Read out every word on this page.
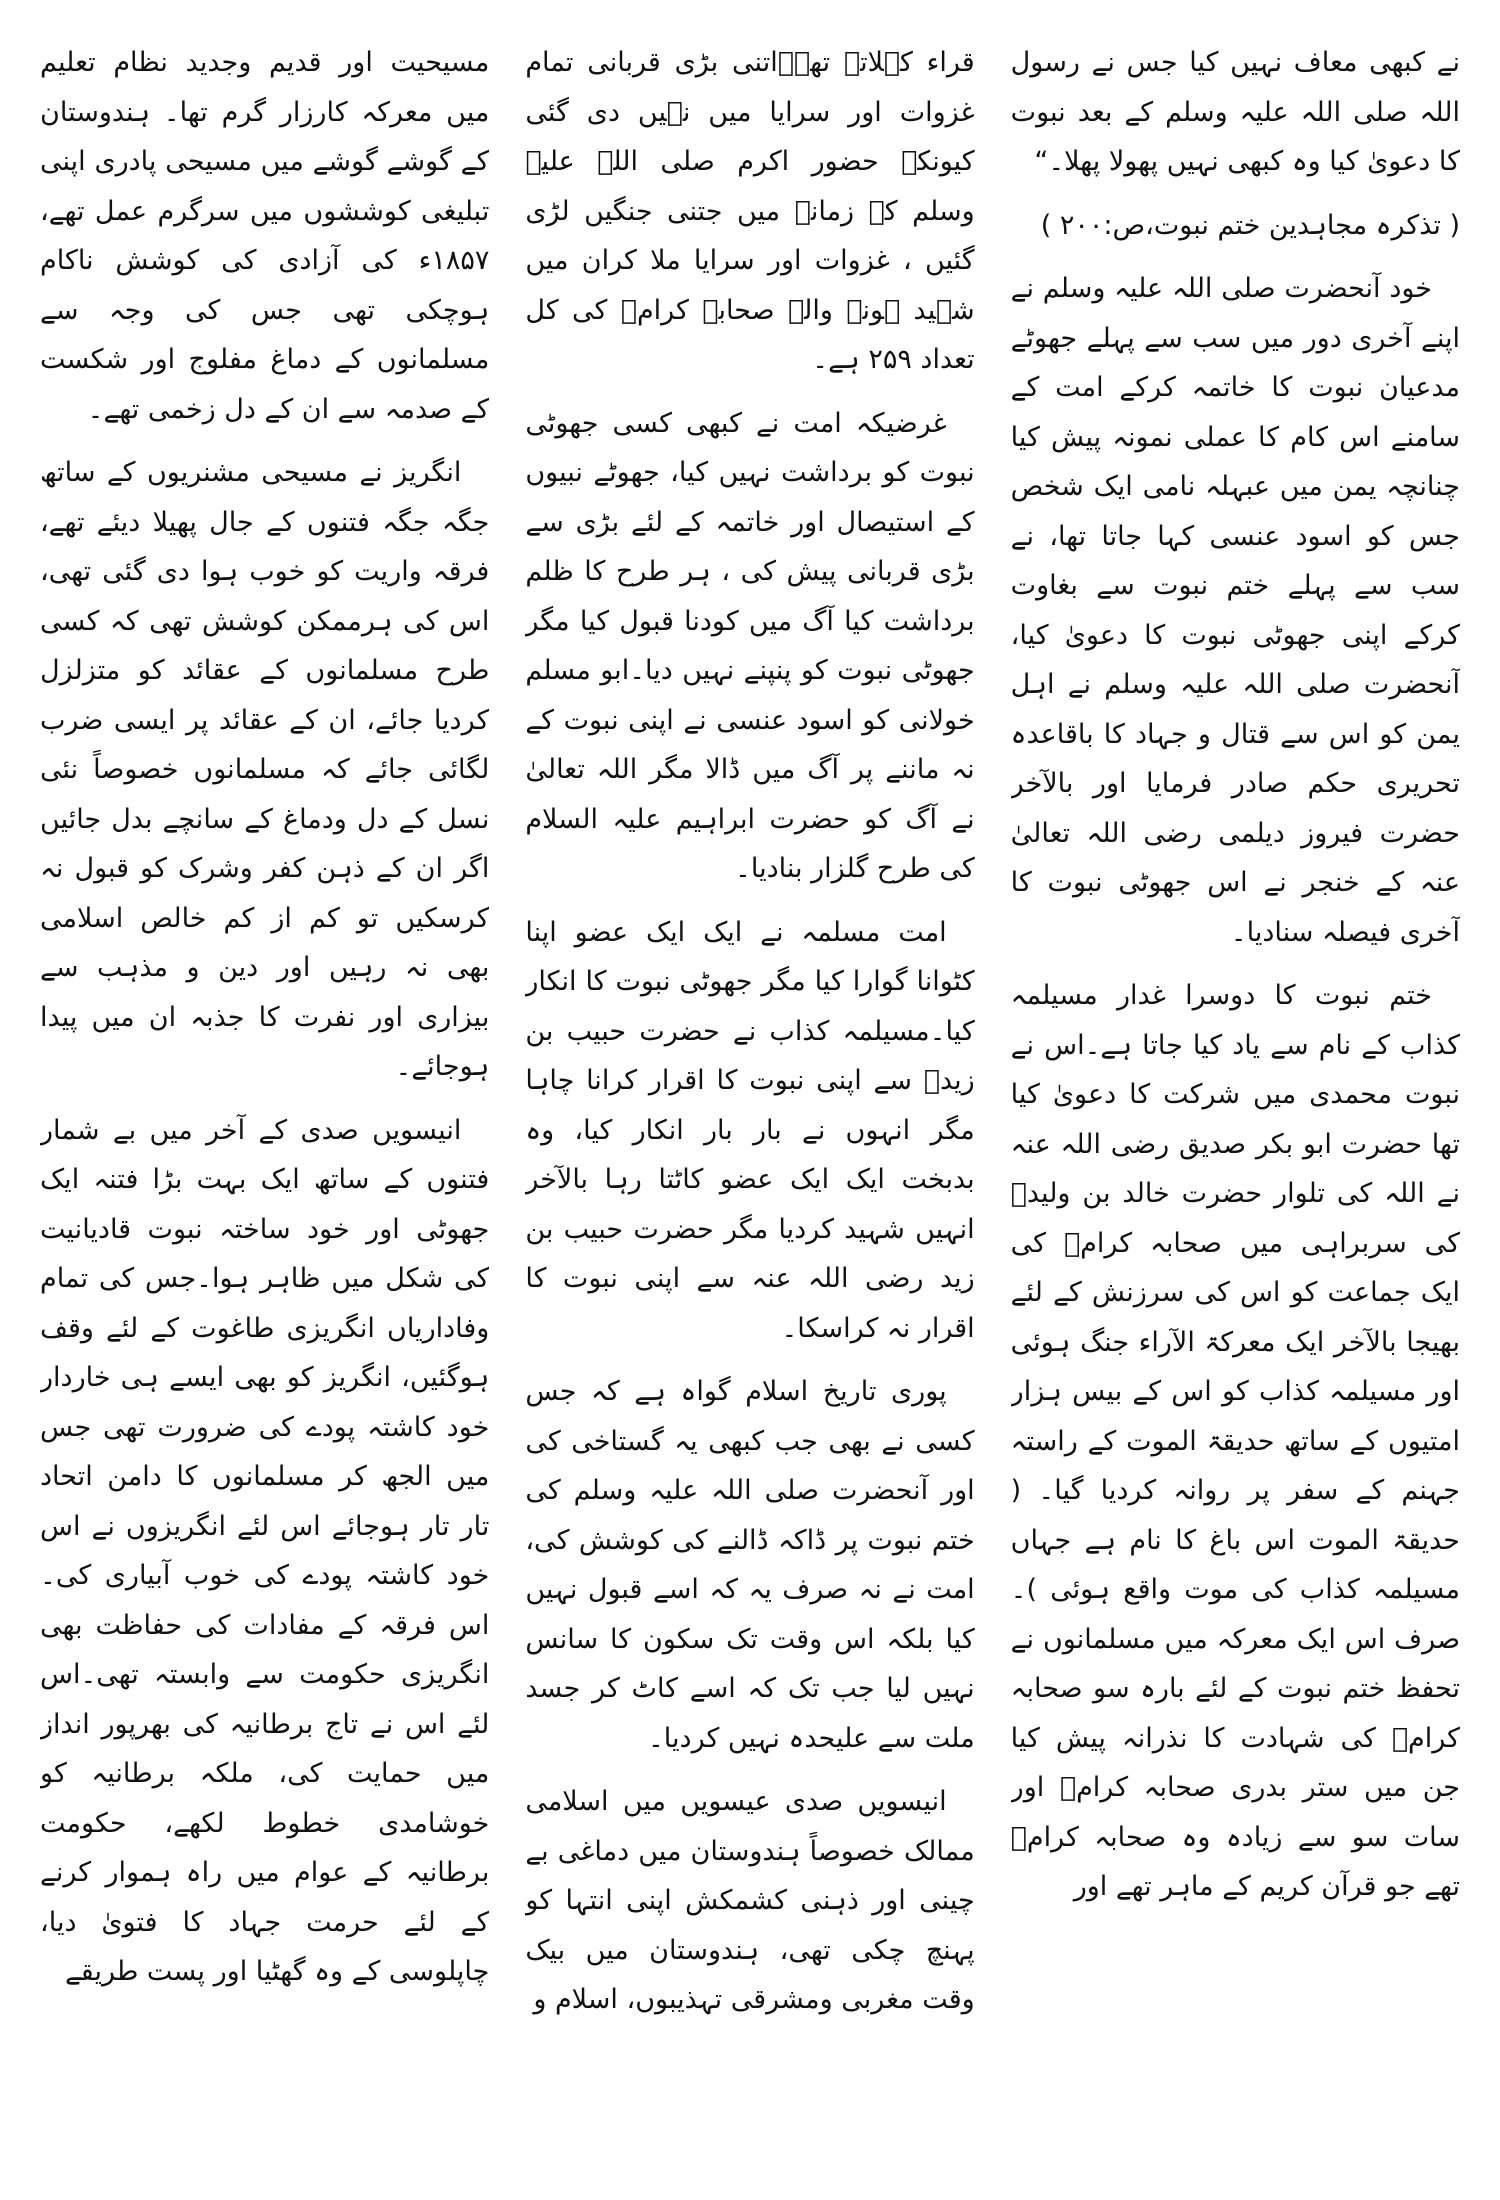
نے کبھی معاف نہیں کیا جس نے رسول اللہ صلی اللہ علیہ وسلم کے بعد نبوت کا دعویٰ کیا وہ کبھی نہیں پھولا پھلا۔“

( تذکرہ مجاہدین ختم نبوت،ص:۲۰۰ )

خود آنحضرت صلی اللہ علیہ وسلم نے اپنے آخری دور میں سب سے پہلے جھوٹے مدعیان نبوت کا خاتمہ کرکے امت کے سامنے اس کام کا عملی نمونہ پیش کیا چنانچہ یمن میں عبہلہ نامی ایک شخص جس کو اسود عنسی کہا جاتا تھا، نے سب سے پہلے ختم نبوت سے بغاوت کرکے اپنی جھوٹی نبوت کا دعویٰ کیا، آنحضرت صلی اللہ علیہ وسلم نے اہل یمن کو اس سے قتال و جہاد کا باقاعدہ تحریری حکم صادر فرمایا اور بالآخر حضرت فیروز دیلمی رضی اللہ تعالیٰ عنہ کے خنجر نے اس جھوٹی نبوت کا آخری فیصلہ سنادیا۔

ختم نبوت کا دوسرا غدار مسیلمہ کذاب کے نام سے یاد کیا جاتا ہے۔اس نے نبوت محمدی میں شرکت کا دعویٰ کیا تھا حضرت ابو بکر صدیق رضی اللہ عنہ نے اللہ کی تلوار حضرت خالد بن ولیدؓ کی سربراہی میں صحابہ کرامؓ کی ایک جماعت کو اس کی سرزنش کے لئے بھیجا بالآخر ایک معرکۃ الآراء جنگ ہوئی اور مسیلمہ کذاب کو اس کے بیس ہزار امتیوں کے ساتھ حدیقۃ الموت کے راستہ جہنم کے سفر پر روانہ کردیا گیا۔ ( حدیقۃ الموت اس باغ کا نام ہے جہاں مسیلمہ کذاب کی موت واقع ہوئی )۔ صرف اس ایک معرکہ میں مسلمانوں نے تحفظ ختم نبوت کے لئے بارہ سو صحابہ کرامؓ کی شہادت کا نذرانہ پیش کیا جن میں ستر بدری صحابہ کرامؓ اور سات سو سے زیادہ وہ صحابہ کرامؓ تھے جو قرآن کریم کے ماہر تھے اور

قراء کہلاتے تھے۔اتنی بڑی قربانی تمام غزوات اور سرایا میں نہیں دی گئی کیونکہ حضور اکرم صلی اللہ علیہ وسلم کے زمانہ میں جتنی جنگیں لڑی گئیں ، غزوات اور سرایا ملا کران میں شہید ہونے والے صحابہ کرامؓ کی کل تعداد ۲۵۹ ہے۔

غرضیکہ امت نے کبھی کسی جھوٹی نبوت کو برداشت نہیں کیا، جھوٹے نبیوں کے استیصال اور خاتمہ کے لئے بڑی سے بڑی قربانی پیش کی ، ہر طرح کا ظلم برداشت کیا آگ میں کودنا قبول کیا مگر جھوٹی نبوت کو پنپنے نہیں دیا۔ابو مسلم خولانی کو اسود عنسی نے اپنی نبوت کے نہ ماننے پر آگ میں ڈالا مگر اللہ تعالیٰ نے آگ کو حضرت ابراہیم علیہ السلام کی طرح گلزار بنادیا۔

امت مسلمہ نے ایک ایک عضو اپنا کٹوانا گوارا کیا مگر جھوٹی نبوت کا انکار کیا۔مسیلمہ کذاب نے حضرت حبیب بن زیدؓ سے اپنی نبوت کا اقرار کرانا چاہا مگر انہوں نے بار بار انکار کیا، وہ بدبخت ایک ایک عضو کاٹتا رہا بالآخر انہیں شہید کردیا مگر حضرت حبیب بن زید رضی اللہ عنہ سے اپنی نبوت کا اقرار نہ کراسکا۔

پوری تاریخ اسلام گواہ ہے کہ جس کسی نے بھی جب کبھی یہ گستاخی کی اور آنحضرت صلی اللہ علیہ وسلم کی ختم نبوت پر ڈاکہ ڈالنے کی کوشش کی، امت نے نہ صرف یہ کہ اسے قبول نہیں کیا بلکہ اس وقت تک سکون کا سانس نہیں لیا جب تک کہ اسے کاٹ کر جسد ملت سے علیحدہ نہیں کردیا۔

انیسویں صدی عیسویں میں اسلامی ممالک خصوصاً ہندوستان میں دماغی بے چینی اور ذہنی کشمکش اپنی انتہا کو پہنچ چکی تھی، ہندوستان میں بیک وقت مغربی ومشرقی تہذیبوں، اسلام و

مسیحیت اور قدیم وجدید نظام تعلیم میں معرکہ کارزار گرم تھا۔ ہندوستان کے گوشے گوشے میں مسیحی پادری اپنی تبلیغی کوششوں میں سرگرم عمل تھے، ۱۸۵۷ء کی آزادی کی کوشش ناکام ہوچکی تھی جس کی وجہ سے مسلمانوں کے دماغ مفلوج اور شکست کے صدمہ سے ان کے دل زخمی تھے۔

انگریز نے مسیحی مشنریوں کے ساتھ جگہ جگہ فتنوں کے جال پھیلا دیئے تھے، فرقہ واریت کو خوب ہوا دی گئی تھی، اس کی ہرممکن کوشش تھی کہ کسی طرح مسلمانوں کے عقائد کو متزلزل کردیا جائے، ان کے عقائد پر ایسی ضرب لگائی جائے کہ مسلمانوں خصوصاً نئی نسل کے دل ودماغ کے سانچے بدل جائیں اگر ان کے ذہن کفر وشرک کو قبول نہ کرسکیں تو کم از کم خالص اسلامی بھی نہ رہیں اور دین و مذہب سے بیزاری اور نفرت کا جذبہ ان میں پیدا ہوجائے۔

انیسویں صدی کے آخر میں بے شمار فتنوں کے ساتھ ایک بہت بڑا فتنہ ایک جھوٹی اور خود ساختہ نبوت قادیانیت کی شکل میں ظاہر ہوا۔جس کی تمام وفاداریاں انگریزی طاغوت کے لئے وقف ہوگئیں، انگریز کو بھی ایسے ہی خاردار خود کاشتہ پودے کی ضرورت تھی جس میں الجھ کر مسلمانوں کا دامن اتحاد تار تار ہوجائے اس لئے انگریزوں نے اس خود کاشتہ پودے کی خوب آبیاری کی۔اس فرقہ کے مفادات کی حفاظت بھی انگریزی حکومت سے وابستہ تھی۔اس لئے اس نے تاج برطانیہ کی بھرپور انداز میں حمایت کی، ملکہ برطانیہ کو خوشامدی خطوط لکھے، حکومت برطانیہ کے عوام میں راہ ہموار کرنے کے لئے حرمت جہاد کا فتویٰ دیا، چاپلوسی کے وہ گھٹیا اور پست طریقے
